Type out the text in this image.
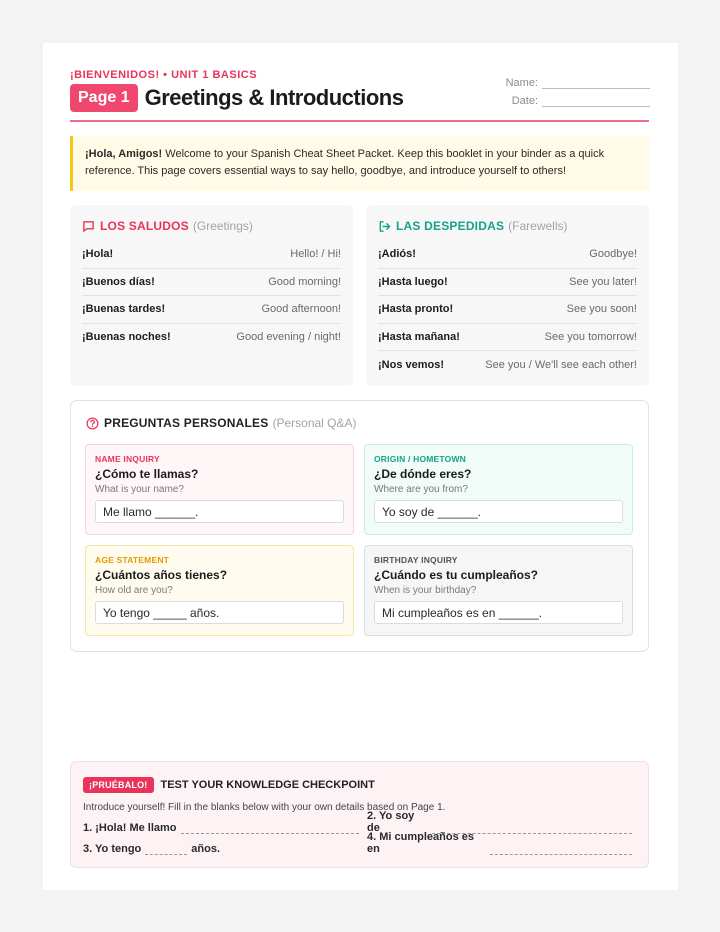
¡BIENVENIDOS! • UNIT 1 BASICS
Page 1 Greetings & Introductions
Name:
Date:
¡Hola, Amigos! Welcome to your Spanish Cheat Sheet Packet. Keep this booklet in your binder as a quick reference. This page covers essential ways to say hello, goodbye, and introduce yourself to others!
LOS SALUDOS (Greetings)
¡Hola!	Hello! / Hi!
¡Buenos días!	Good morning!
¡Buenas tardes!	Good afternoon!
¡Buenas noches!	Good evening / night!
LAS DESPEDIDAS (Farewells)
¡Adiós!	Goodbye!
¡Hasta luego!	See you later!
¡Hasta pronto!	See you soon!
¡Hasta mañana!	See you tomorrow!
¡Nos vemos!	See you / We'll see each other!
PREGUNTAS PERSONALES (Personal Q&A)
NAME INQUIRY
¿Cómo te llamas?
What is your name?
Me llamo ______.
ORIGIN / HOMETOWN
¿De dónde eres?
Where are you from?
Yo soy de ______.
AGE STATEMENT
¿Cuántos años tienes?
How old are you?
Yo tengo _____ años.
BIRTHDAY INQUIRY
¿Cuándo es tu cumpleaños?
When is your birthday?
Mi cumpleaños es en ______.
¡PRUÉBALO!	TEST YOUR KNOWLEDGE CHECKPOINT
Introduce yourself! Fill in the blanks below with your own details based on Page 1.
1. ¡Hola! Me llamo
2. Yo soy de
3. Yo tengo	años.
4. Mi cumpleaños es en
